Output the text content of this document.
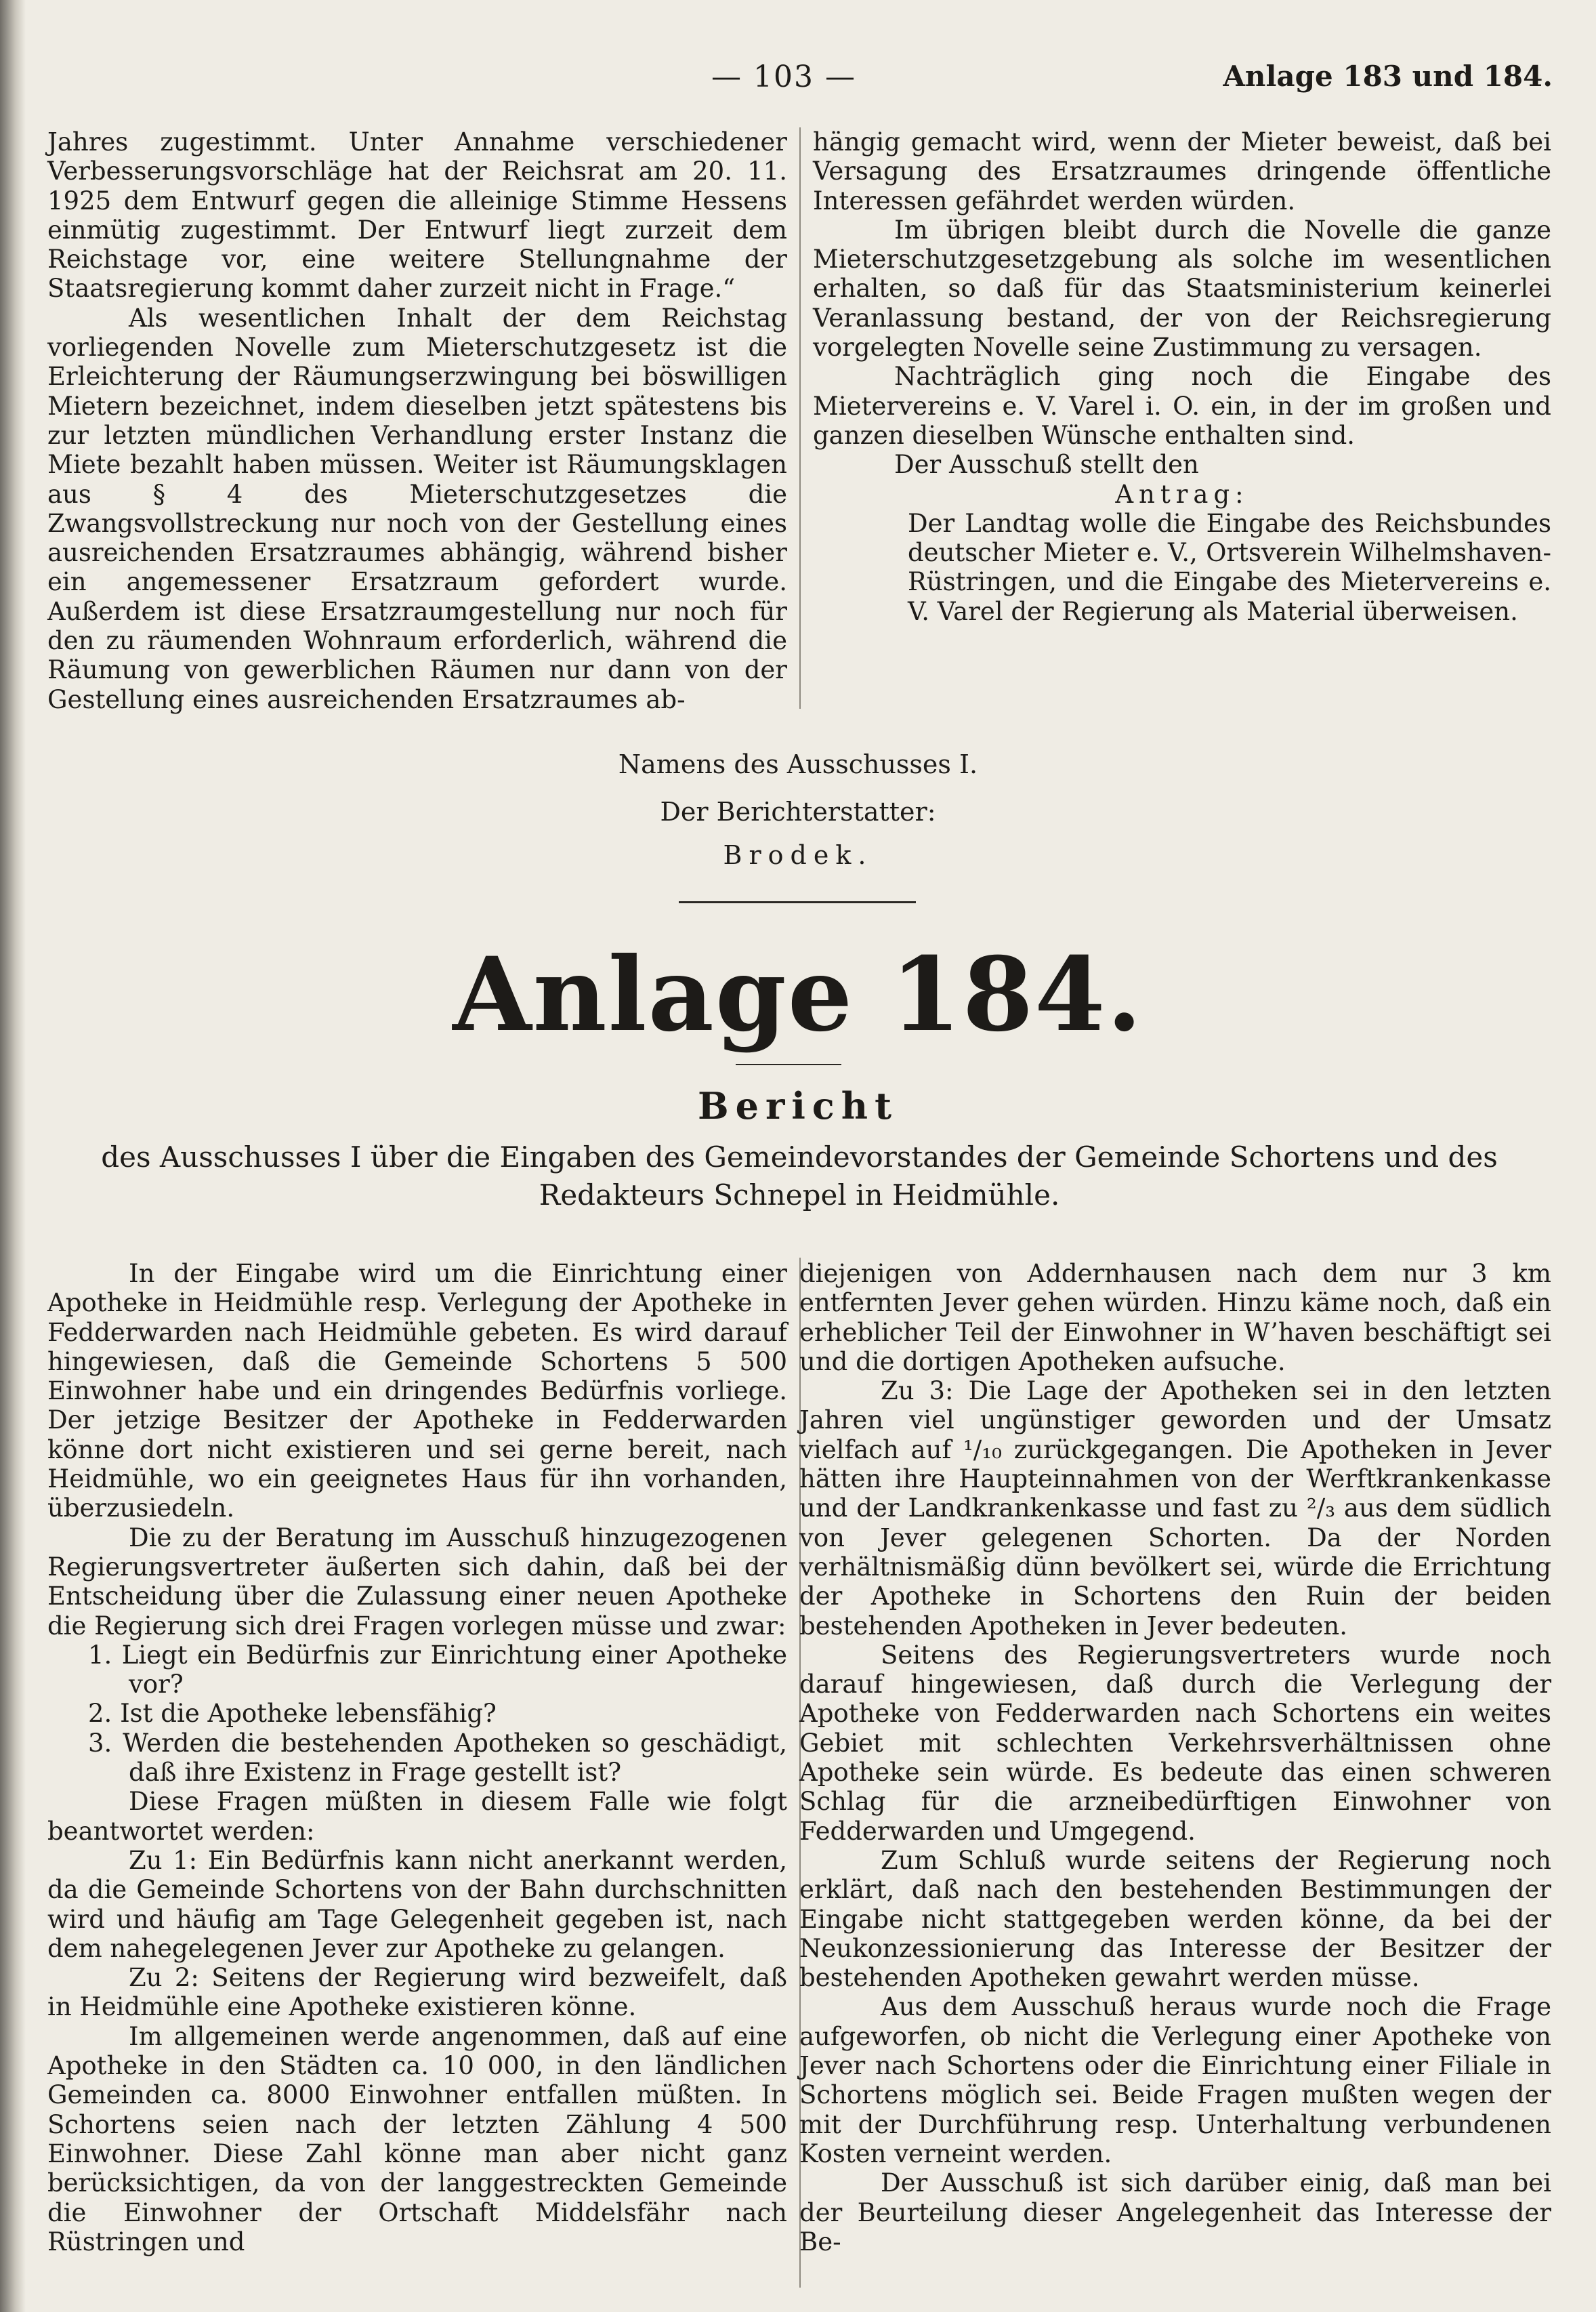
— 103 —	Anlage 183 und 184.

Jahres zugestimmt. Unter Annahme verschiedener Verbesserungsvorschläge hat der Reichsrat am 20. 11. 1925 dem Entwurf gegen die alleinige Stimme Hessens einmütig zugestimmt. Der Entwurf liegt zurzeit dem Reichstage vor, eine weitere Stellungnahme der Staatsregierung kommt daher zurzeit nicht in Frage.“

Als wesentlichen Inhalt der dem Reichstag vorliegenden Novelle zum Mieterschutzgesetz ist die Erleichterung der Räumungserzwingung bei böswilligen Mietern bezeichnet, indem dieselben jetzt spätestens bis zur letzten mündlichen Verhandlung erster Instanz die Miete bezahlt haben müssen. Weiter ist Räumungsklagen aus § 4 des Mieterschutzgesetzes die Zwangsvollstreckung nur noch von der Gestellung eines ausreichenden Ersatzraumes abhängig, während bisher ein angemessener Ersatzraum gefordert wurde. Außerdem ist diese Ersatzraumgestellung nur noch für den zu räumenden Wohnraum erforderlich, während die Räumung von gewerblichen Räumen nur dann von der Gestellung eines ausreichenden Ersatzraumes ab-

hängig gemacht wird, wenn der Mieter beweist, daß bei Versagung des Ersatzraumes dringende öffentliche Interessen gefährdet werden würden.

Im übrigen bleibt durch die Novelle die ganze Mieterschutzgesetzgebung als solche im wesentlichen erhalten, so daß für das Staatsministerium keinerlei Veranlassung bestand, der von der Reichsregierung vorgelegten Novelle seine Zustimmung zu versagen.

Nachträglich ging noch die Eingabe des Mietervereins e. V. Varel i. O. ein, in der im großen und ganzen dieselben Wünsche enthalten sind.

Der Ausschuß stellt den

Antrag:

Der Landtag wolle die Eingabe des Reichsbundes deutscher Mieter e. V., Ortsverein Wilhelmshaven-Rüstringen, und die Eingabe des Mietervereins e. V. Varel der Regierung als Material überweisen.

Namens des Ausschusses I.
Der Berichterstatter:
Brodek.
Anlage 184.
Bericht
des Ausschusses I über die Eingaben des Gemeindevorstandes der Gemeinde Schortens und des Redakteurs Schnepel in Heidmühle.

In der Eingabe wird um die Einrichtung einer Apotheke in Heidmühle resp. Verlegung der Apotheke in Fedderwarden nach Heidmühle gebeten. Es wird darauf hingewiesen, daß die Gemeinde Schortens 5 500 Einwohner habe und ein dringendes Bedürfnis vorliege. Der jetzige Besitzer der Apotheke in Fedderwarden könne dort nicht existieren und sei gerne bereit, nach Heidmühle, wo ein geeignetes Haus für ihn vorhanden, überzusiedeln.

Die zu der Beratung im Ausschuß hinzugezogenen Regierungsvertreter äußerten sich dahin, daß bei der Entscheidung über die Zulassung einer neuen Apotheke die Regierung sich drei Fragen vorlegen müsse und zwar:

1. Liegt ein Bedürfnis zur Einrichtung einer Apotheke vor?

2. Ist die Apotheke lebensfähig?

3. Werden die bestehenden Apotheken so geschädigt, daß ihre Existenz in Frage gestellt ist?

Diese Fragen müßten in diesem Falle wie folgt beantwortet werden:

Zu 1: Ein Bedürfnis kann nicht anerkannt werden, da die Gemeinde Schortens von der Bahn durchschnitten wird und häufig am Tage Gelegenheit gegeben ist, nach dem nahegelegenen Jever zur Apotheke zu gelangen.

Zu 2: Seitens der Regierung wird bezweifelt, daß in Heidmühle eine Apotheke existieren könne.

Im allgemeinen werde angenommen, daß auf eine Apotheke in den Städten ca. 10 000, in den ländlichen Gemeinden ca. 8000 Einwohner entfallen müßten. In Schortens seien nach der letzten Zählung 4 500 Einwohner. Diese Zahl könne man aber nicht ganz berücksichtigen, da von der langgestreckten Gemeinde die Einwohner der Ortschaft Middelsfähr nach Rüstringen und

diejenigen von Addernhausen nach dem nur 3 km entfernten Jever gehen würden. Hinzu käme noch, daß ein erheblicher Teil der Einwohner in W’haven beschäftigt sei und die dortigen Apotheken aufsuche.

Zu 3: Die Lage der Apotheken sei in den letzten Jahren viel ungünstiger geworden und der Umsatz vielfach auf ¹/₁₀ zurückgegangen. Die Apotheken in Jever hätten ihre Haupteinnahmen von der Werftkrankenkasse und der Landkrankenkasse und fast zu ²/₃ aus dem südlich von Jever gelegenen Schorten. Da der Norden verhältnismäßig dünn bevölkert sei, würde die Errichtung der Apotheke in Schortens den Ruin der beiden bestehenden Apotheken in Jever bedeuten.

Seitens des Regierungsvertreters wurde noch darauf hingewiesen, daß durch die Verlegung der Apotheke von Fedderwarden nach Schortens ein weites Gebiet mit schlechten Verkehrsverhältnissen ohne Apotheke sein würde. Es bedeute das einen schweren Schlag für die arzneibedürftigen Einwohner von Fedderwarden und Umgegend.

Zum Schluß wurde seitens der Regierung noch erklärt, daß nach den bestehenden Bestimmungen der Eingabe nicht stattgegeben werden könne, da bei der Neukonzessionierung das Interesse der Besitzer der bestehenden Apotheken gewahrt werden müsse.

Aus dem Ausschuß heraus wurde noch die Frage aufgeworfen, ob nicht die Verlegung einer Apotheke von Jever nach Schortens oder die Einrichtung einer Filiale in Schortens möglich sei. Beide Fragen mußten wegen der mit der Durchführung resp. Unterhaltung verbundenen Kosten verneint werden.

Der Ausschuß ist sich darüber einig, daß man bei der Beurteilung dieser Angelegenheit das Interesse der Be-
